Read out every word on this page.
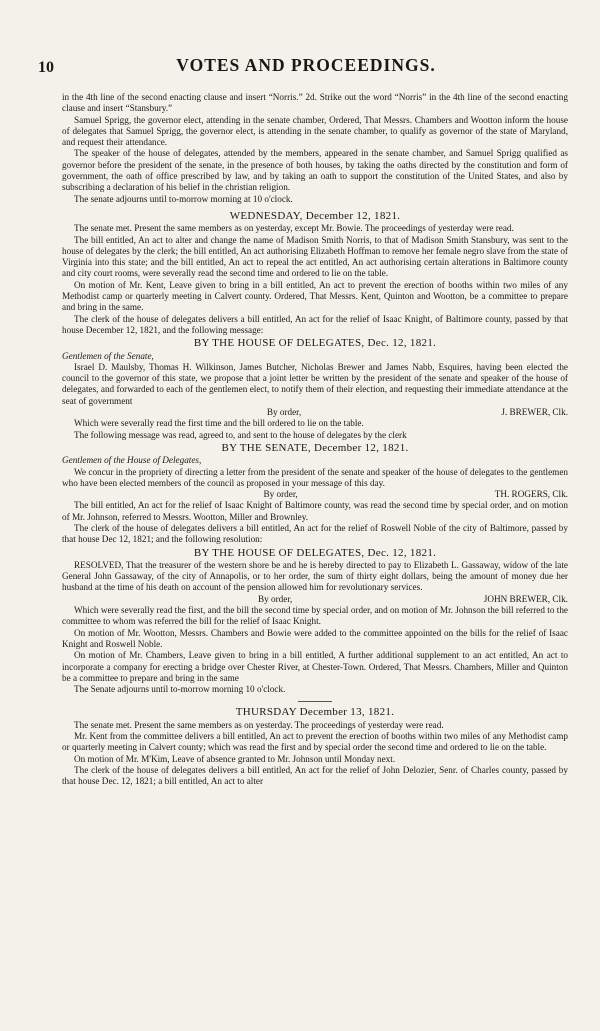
10	VOTES AND PROCEEDINGS.

in the 4th line of the second enacting clause and insert “Norris.” 2d. Strike out the word “Norris” in the 4th line of the second enacting clause and insert “Stansbury.”

Samuel Sprigg, the governor elect, attending in the senate chamber, Ordered, That Messrs. Chambers and Wootton inform the house of delegates that Samuel Sprigg, the governor elect, is attending in the senate chamber, to qualify as governor of the state of Maryland, and request their attendance.

The speaker of the house of delegates, attended by the members, appeared in the senate chamber, and Samuel Sprigg qualified as governor before the president of the senate, in the presence of both houses, by taking the oaths directed by the constitution and form of government, the oath of office prescribed by law, and by taking an oath to support the constitution of the United States, and also by subscribing a declaration of his belief in the christian religion.

The senate adjourns until to-morrow morning at 10 o'clock.

WEDNESDAY, December 12, 1821.

The senate met. Present the same members as on yesterday, except Mr. Bowie. The proceedings of yesterday were read.

The bill entitled, An act to alter and change the name of Madison Smith Norris, to that of Madison Smith Stansbury, was sent to the house of delegates by the clerk; the bill entitled, An act authorising Elizabeth Hoffman to remove her female negro slave from the state of Virginia into this state; and the bill entitled, An act to repeal the act entitled, An act authorising certain alterations in Baltimore county and city court rooms, were severally read the second time and ordered to lie on the table.

On motion of Mr. Kent, Leave given to bring in a bill entitled, An act to prevent the erection of booths within two miles of any Methodist camp or quarterly meeting in Calvert county. Ordered, That Messrs. Kent, Quinton and Wootton, be a committee to prepare and bring in the same.

The clerk of the house of delegates delivers a bill entitled, An act for the relief of Isaac Knight, of Baltimore county, passed by that house December 12, 1821, and the following message:

BY THE HOUSE OF DELEGATES, Dec. 12, 1821.

Gentlemen of the Senate,

Israel D. Maulsby, Thomas H. Wilkinson, James Butcher, Nicholas Brewer and James Nabb, Esquires, having been elected the council to the governor of this state, we propose that a joint letter be written by the president of the senate and speaker of the house of delegates, and forwarded to each of the gentlemen elect, to notify them of their election, and requesting their immediate attendance at the seat of government

By order,	J. BREWER, Clk.

Which were severally read the first time and the bill ordered to lie on the table.

The following message was read, agreed to, and sent to the house of delegates by the clerk

BY THE SENATE, December 12, 1821.

Gentlemen of the House of Delegates,

We concur in the propriety of directing a letter from the president of the senate and speaker of the house of delegates to the gentlemen who have been elected members of the council as proposed in your message of this day.

By order,	TH. ROGERS, Clk.

The bill entitled, An act for the relief of Isaac Knight of Baltimore county, was read the second time by special order, and on motion of Mr. Johnson, referred to Messrs. Wootton, Miller and Brownley.

The clerk of the house of delegates delivers a bill entitled, An act for the relief of Roswell Noble of the city of Baltimore, passed by that house Dec 12, 1821; and the following resolution:

BY THE HOUSE OF DELEGATES, Dec. 12, 1821.

RESOLVED, That the treasurer of the western shore be and he is hereby directed to pay to Elizabeth L. Gassaway, widow of the late General John Gassaway, of the city of Annapolis, or to her order, the sum of thirty eight dollars, being the amount of money due her husband at the time of his death on account of the pension allowed him for revolutionary services.

By order,	JOHN BREWER, Clk.

Which were severally read the first, and the bill the second time by special order, and on motion of Mr. Johnson the bill referred to the committee to whom was referred the bill for the relief of Isaac Knight.

On motion of Mr. Wootton, Messrs. Chambers and Bowie were added to the committee appointed on the bills for the relief of Isaac Knight and Roswell Noble.

On motion of Mr. Chambers, Leave given to bring in a bill entitled, A further additional supplement to an act entitled, An act to incorporate a company for erecting a bridge over Chester River, at Chester-Town. Ordered, That Messrs. Chambers, Miller and Quinton be a committee to prepare and bring in the same

The Senate adjourns until to-morrow morning 10 o'clock.

THURSDAY December 13, 1821.

The senate met. Present the same members as on yesterday. The proceedings of yesterday were read.

Mr. Kent from the committee delivers a bill entitled, An act to prevent the erection of booths within two miles of any Methodist camp or quarterly meeting in Calvert county; which was read the first and by special order the second time and ordered to lie on the table.

On motion of Mr. M'Kim, Leave of absence granted to Mr. Johnson until Monday next.

The clerk of the house of delegates delivers a bill entitled, An act for the relief of John Delozier, Senr. of Charles county, passed by that house Dec. 12, 1821; a bill entitled, An act to alter
